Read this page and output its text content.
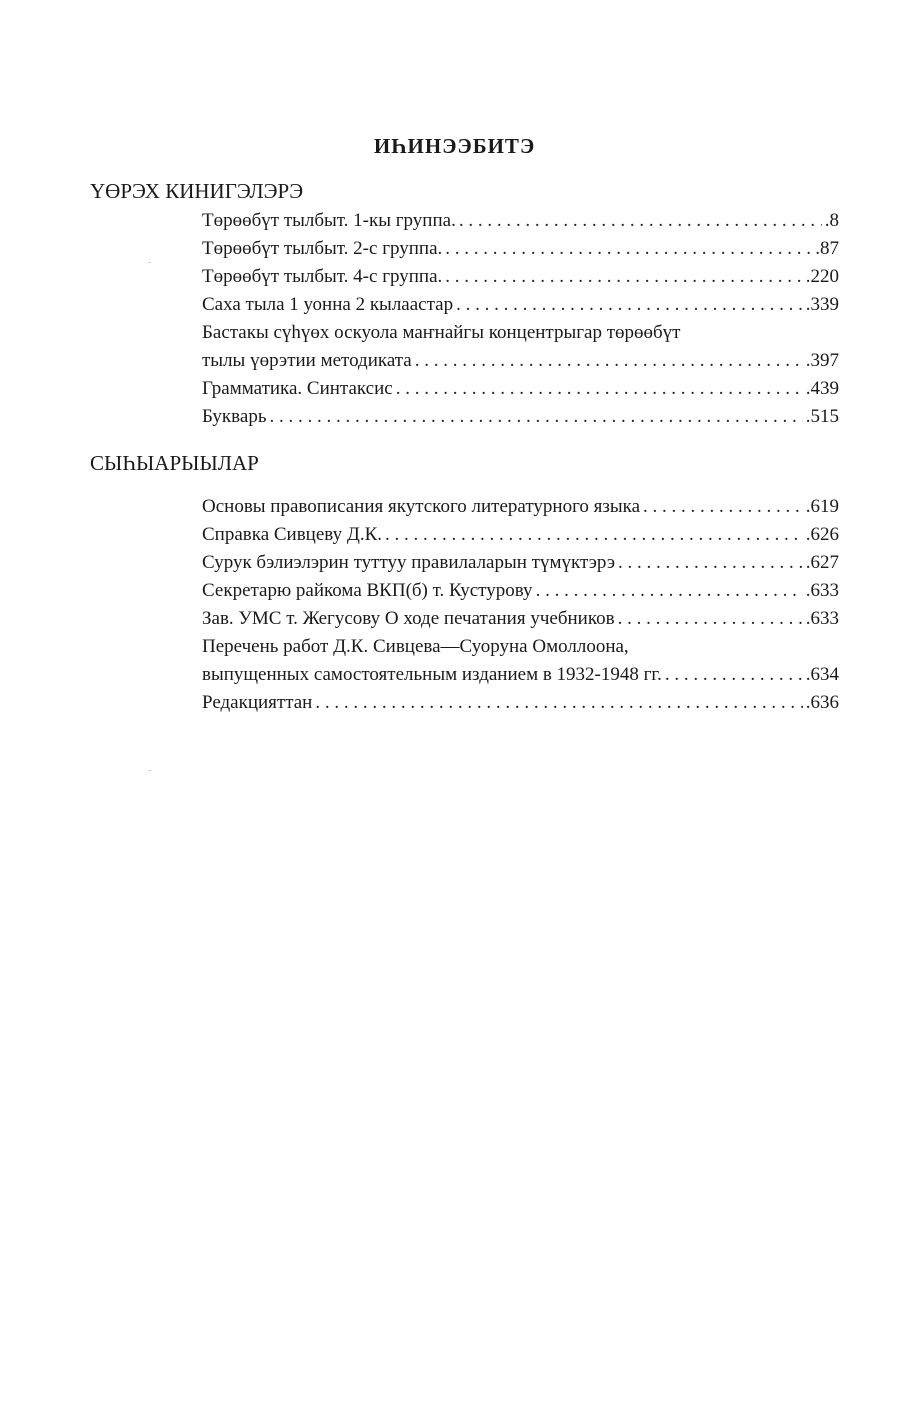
ИҺИНЭЭБИТЭ
ҮӨРЭХ КИНИГЭЛЭРЭ
Төрөөбүт тылбыт. 1-кы группа. . . .	.8
Төрөөбүт тылбыт. 2-с группа. . . .	.87
Төрөөбүт тылбыт. 4-с группа. . . .	.220
Саха тыла 1 уонна 2 кылаастар . . .	.339
Бастакы сүһүөх оскуола маҥнайгы концентрыгар төрөөбүт
тылы үөрэтии методиката . . .	.397
Грамматика. Синтаксис . . .	.439
Букварь . . .	.515
СЫҺЫАРЫЫЛАР
Основы правописания якутского литературного языка . . .	.619
Справка Сивцеву Д.К. . . .	.626
Сурук бэлиэлэрин туттуу правилаларын түмүктэрэ . . .	.627
Секретарю райкома ВКП(б) т. Кустурову . . .	.633
Зав. УМС т. Жегусову О ходе печатания учебников . . .	.633
Перечень работ Д.К. Сивцева—Суоруна Омоллоона,
выпущенных самостоятельным изданием в 1932-1948 гг. . . .	.634
Редакцияттан . . .	.636
